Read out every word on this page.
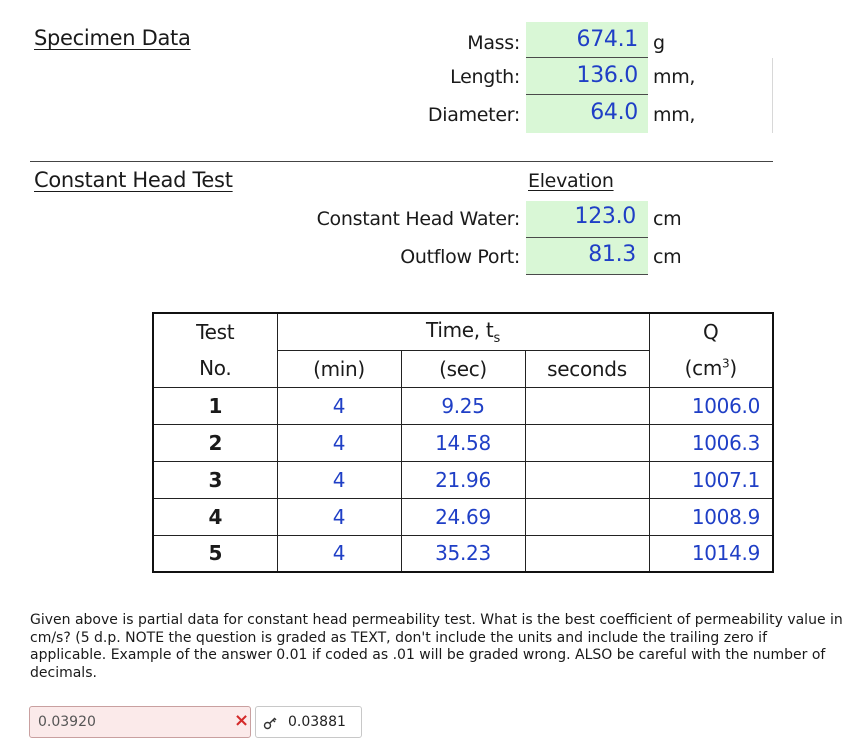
Specimen Data	Mass:	674.1 g
Length:	136.0 mm,
Diameter:	64.0 mm,
Constant Head Test	Elevation
Constant Head Water:	123.0 cm
Outflow Port:	81.3 cm
Test	Time, $t_s$			Q
No.	(min)	(sec)	seconds	$(cm^3)$
1	4	9.25		1006.0
2	4	14.58		1006.3
3	4	21.96		1007.1
4	4	24.69		1008.9
5	4	35.23		1014.9
Given above is partial data for constant head permeability test. What is the best coefficient of permeability value in cm/s? (5 d.p. NOTE the question is graded as TEXT, don't include the units and include the trailing zero if applicable. Example of the answer 0.01 if coded as .01 will be graded wrong. ALSO be careful with the number of decimals.
0.03920	×	0.03881
